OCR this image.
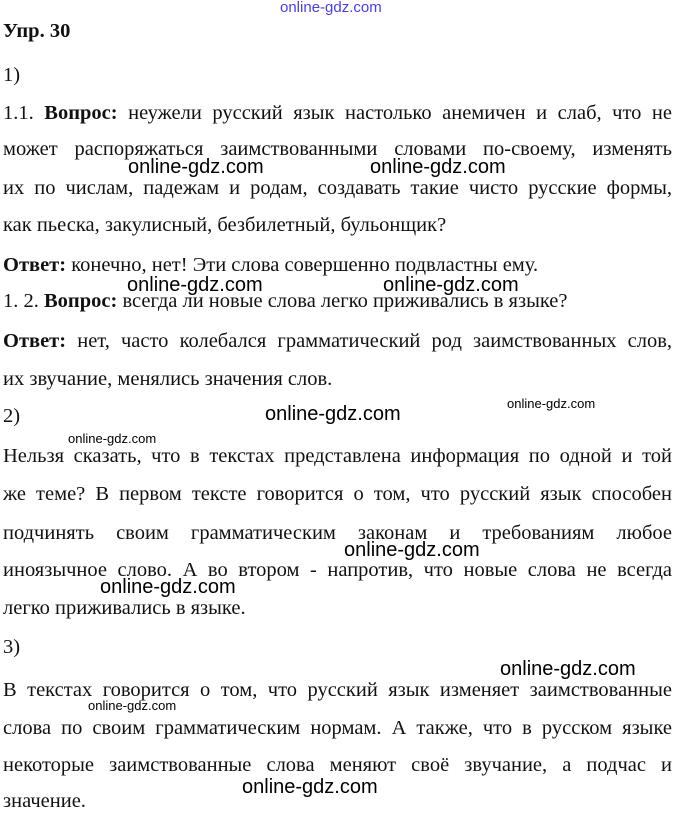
online-gdz.com

Упр. 30

1)

1.1. Вопрос: неужели русский язык настолько анемичен и слаб, что не

может распоряжаться заимствованными словами по-своему, изменять

их по числам, падежам и родам, создавать такие чисто русские формы,

как пьеска, закулисный, безбилетный, бульонщик?

Ответ: конечно, нет! Эти слова совершенно подвластны ему.

1. 2. Вопрос: всегда ли новые слова легко приживались в языке?

Ответ: нет, часто колебался грамматический род заимствованных слов,

их звучание, менялись значения слов.

2)

Нельзя сказать, что в текстах представлена информация по одной и той

же теме? В первом тексте говорится о том, что русский язык способен

подчинять своим грамматическим законам и требованиям любое

иноязычное слово. А во втором - напротив, что новые слова не всегда

легко приживались в языке.

3)

В текстах говорится о том, что русский язык изменяет заимствованные

слова по своим грамматическим нормам. А также, что в русском языке

некоторые заимствованные слова меняют своё звучание, а подчас и

значение.

online-gdz.com	online-gdz.com
online-gdz.com	online-gdz.com
online-gdz.com	online-gdz.com
online-gdz.com
online-gdz.com
online-gdz.com
online-gdz.com
online-gdz.com
online-gdz.com
